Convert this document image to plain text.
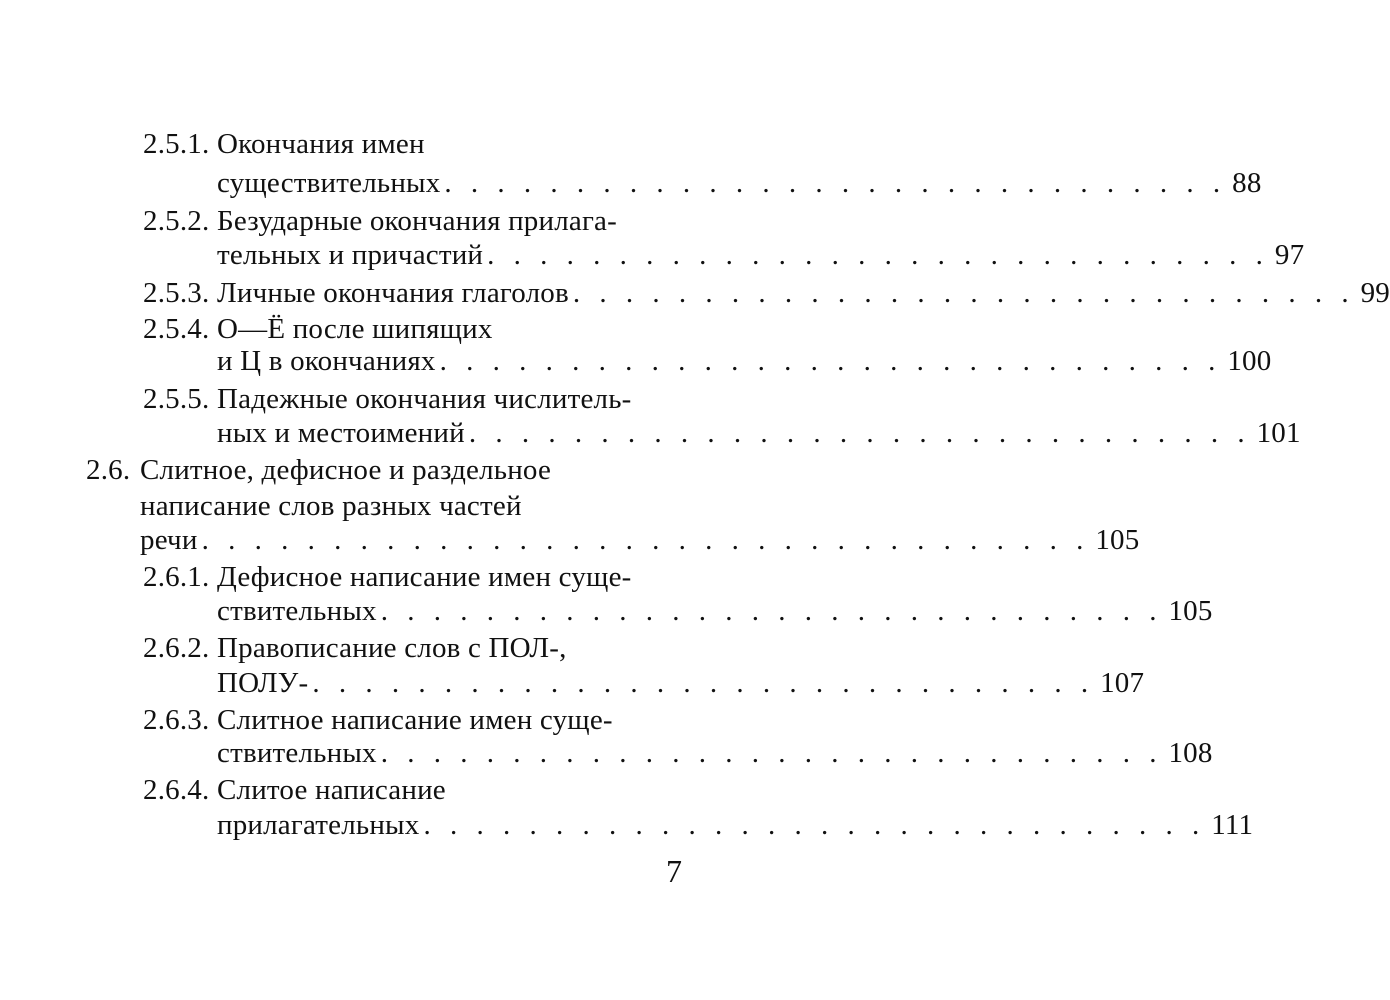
2.5.1. Окончания имен
существительных . . . . . . . . . . . . . . . . . . . . . . . . . . . . . . 88
2.5.2. Безударные окончания прилага-
тельных и причастий . . . . . . . . . . . . . . . . . . . . . . . . . . . . . . 97
2.5.3. Личные окончания глаголов . . . . . . . . . . . . . . . . . . . . . . . . . . . . . . 99
2.5.4. О—Ё после шипящих
и Ц в окончаниях . . . . . . . . . . . . . . . . . . . . . . . . . . . . . . 100
2.5.5. Падежные окончания числитель-
ных и местоимений . . . . . . . . . . . . . . . . . . . . . . . . . . . . . . 101
2.6. Слитное, дефисное и раздельное
написание слов разных частей
речи . . . . . . . . . . . . . . . . . . . . . . . . . . . . . . . . . . 105
2.6.1. Дефисное написание имен суще-
ствительных . . . . . . . . . . . . . . . . . . . . . . . . . . . . . . 105
2.6.2. Правописание слов с ПОЛ-,
ПОЛУ- . . . . . . . . . . . . . . . . . . . . . . . . . . . . . . 107
2.6.3. Слитное написание имен суще-
ствительных . . . . . . . . . . . . . . . . . . . . . . . . . . . . . . 108
2.6.4. Слитое написание
прилагательных . . . . . . . . . . . . . . . . . . . . . . . . . . . . . . 111
7
